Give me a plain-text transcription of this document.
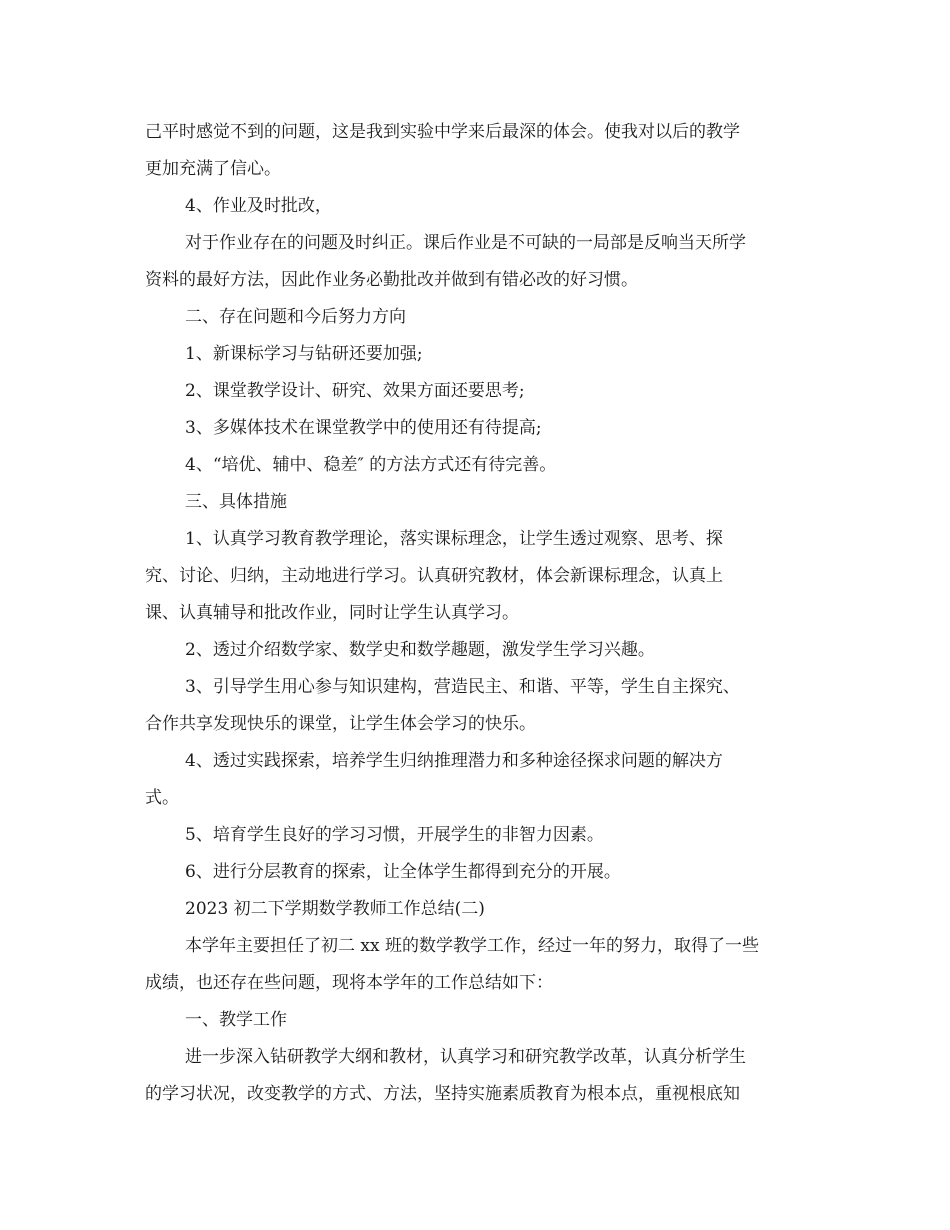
己平时感觉不到的问题，这是我到实验中学来后最深的体会。使我对以后的教学
更加充满了信心。
4、作业及时批改，
对于作业存在的问题及时纠正。课后作业是不可缺的一局部是反响当天所学
资料的最好方法，因此作业务必勤批改并做到有错必改的好习惯。
二、存在问题和今后努力方向
1、新课标学习与钻研还要加强;
2、课堂教学设计、研究、效果方面还要思考;
3、多媒体技术在课堂教学中的使用还有待提高;
4、“培优、辅中、稳差″ 的方法方式还有待完善。
三、具体措施
1、认真学习教育教学理论，落实课标理念，让学生透过观察、思考、探
究、讨论、归纳，主动地进行学习。认真研究教材，体会新课标理念，认真上
课、认真辅导和批改作业，同时让学生认真学习。
2、透过介绍数学家、数学史和数学趣题，激发学生学习兴趣。
3、引导学生用心参与知识建构，营造民主、和谐、平等，学生自主探究、
合作共享发现快乐的课堂，让学生体会学习的快乐。
4、透过实践探索，培养学生归纳推理潜力和多种途径探求问题的解决方
式。
5、培育学生良好的学习习惯，开展学生的非智力因素。
6、进行分层教育的探索，让全体学生都得到充分的开展。
2023 初二下学期数学教师工作总结(二)
本学年主要担任了初二 xx 班的数学教学工作，经过一年的努力，取得了一些
成绩，也还存在些问题，现将本学年的工作总结如下：
一、教学工作
进一步深入钻研教学大纲和教材，认真学习和研究教学改革，认真分析学生
的学习状况，改变教学的方式、方法，坚持实施素质教育为根本点，重视根底知
